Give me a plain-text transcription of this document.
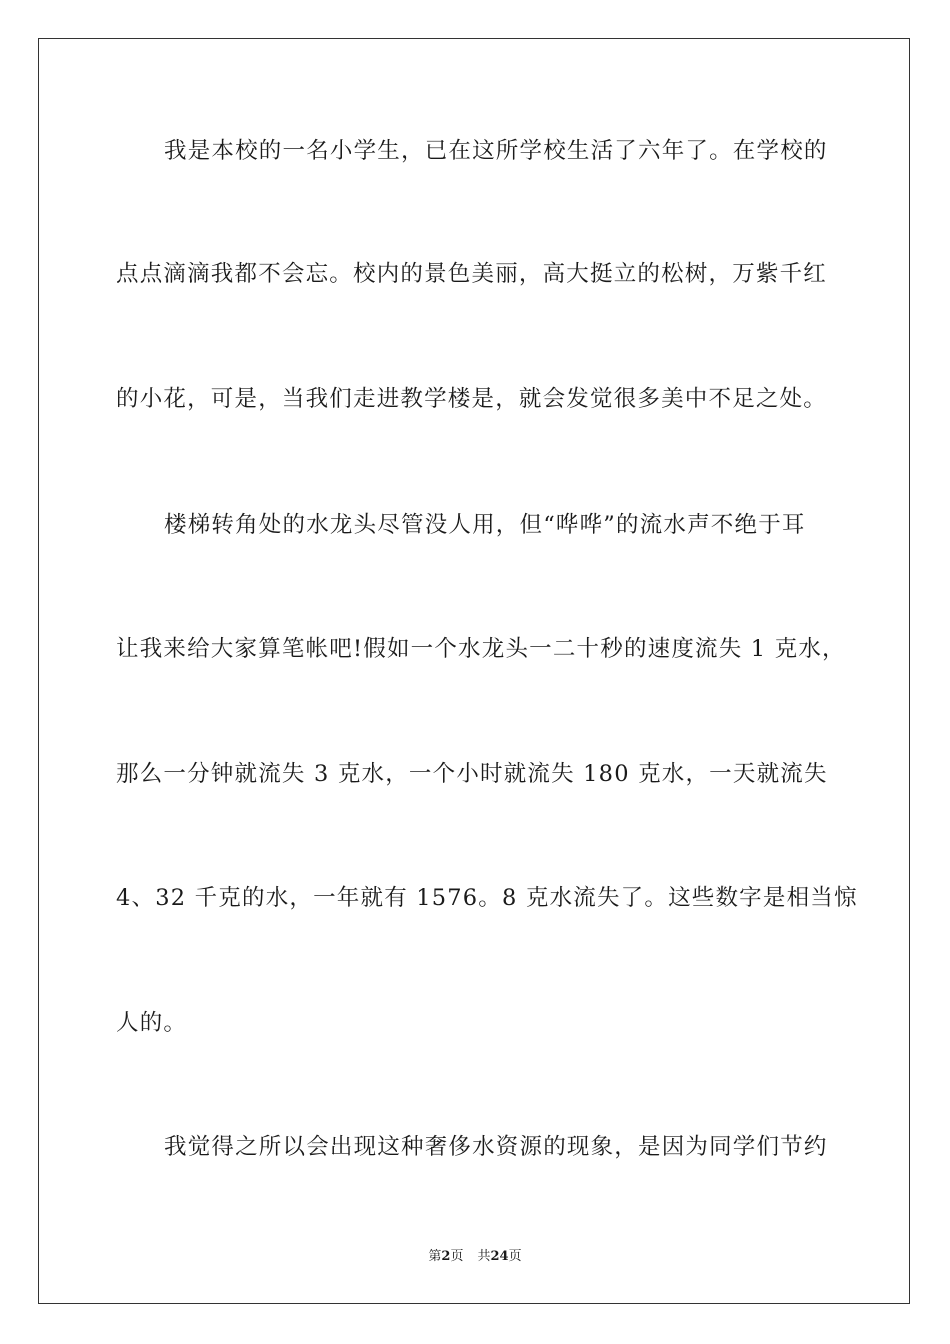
我是本校的一名小学生，已在这所学校生活了六年了。在学校的
点点滴滴我都不会忘。校内的景色美丽，高大挺立的松树，万紫千红
的小花，可是，当我们走进教学楼是，就会发觉很多美中不足之处。
楼梯转角处的水龙头尽管没人用，但“哗哗”的流水声不绝于耳
让我来给大家算笔帐吧!假如一个水龙头一二十秒的速度流失 1 克水，
那么一分钟就流失 3 克水，一个小时就流失 180 克水，一天就流失
4、32 千克的水，一年就有 1576。8 克水流失了。这些数字是相当惊
人的。
我觉得之所以会出现这种奢侈水资源的现象，是因为同学们节约
第2页 共24页
